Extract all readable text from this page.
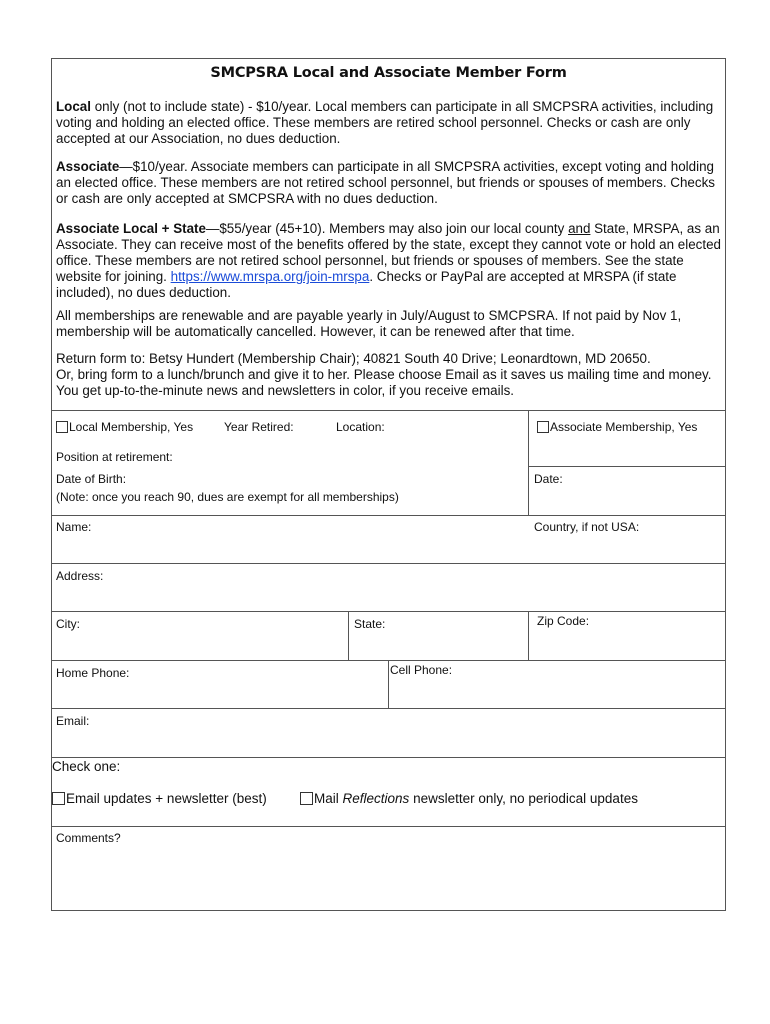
SMCPSRA Local and Associate Member Form

Local only (not to include state) - $10/year. Local members can participate in all SMCPSRA activities, including voting and holding an elected office. These members are retired school personnel. Checks or cash are only accepted at our Association, no dues deduction.

Associate—$10/year. Associate members can participate in all SMCPSRA activities, except voting and holding an elected office. These members are not retired school personnel, but friends or spouses of members. Checks or cash are only accepted at SMCPSRA with no dues deduction.

Associate Local + State—$55/year (45+10). Members may also join our local county and State, MRSPA, as an Associate. They can receive most of the benefits offered by the state, except they cannot vote or hold an elected office. These members are not retired school personnel, but friends or spouses of members. See the state website for joining. https://www.mrspa.org/join-mrspa. Checks or PayPal are accepted at MRSPA (if state included), no dues deduction.

All memberships are renewable and are payable yearly in July/August to SMCPSRA. If not paid by Nov 1, membership will be automatically cancelled. However, it can be renewed after that time.

Return form to: Betsy Hundert (Membership Chair); 40821 South 40 Drive; Leonardtown, MD 20650.
Or, bring form to a lunch/brunch and give it to her. Please choose Email as it saves us mailing time and money. You get up-to-the-minute news and newsletters in color, if you receive emails.

Local Membership, Yes	Year Retired:	Location:	Associate Membership, Yes
Position at retirement:
Date of Birth:
(Note: once you reach 90, dues are exempt for all memberships)
Date:
Name:	Country, if not USA:
Address:
City:	State:	Zip Code:
Home Phone:	Cell Phone:
Email:
Check one:
Email updates + newsletter (best)	Mail Reflections newsletter only, no periodical updates
Comments?
